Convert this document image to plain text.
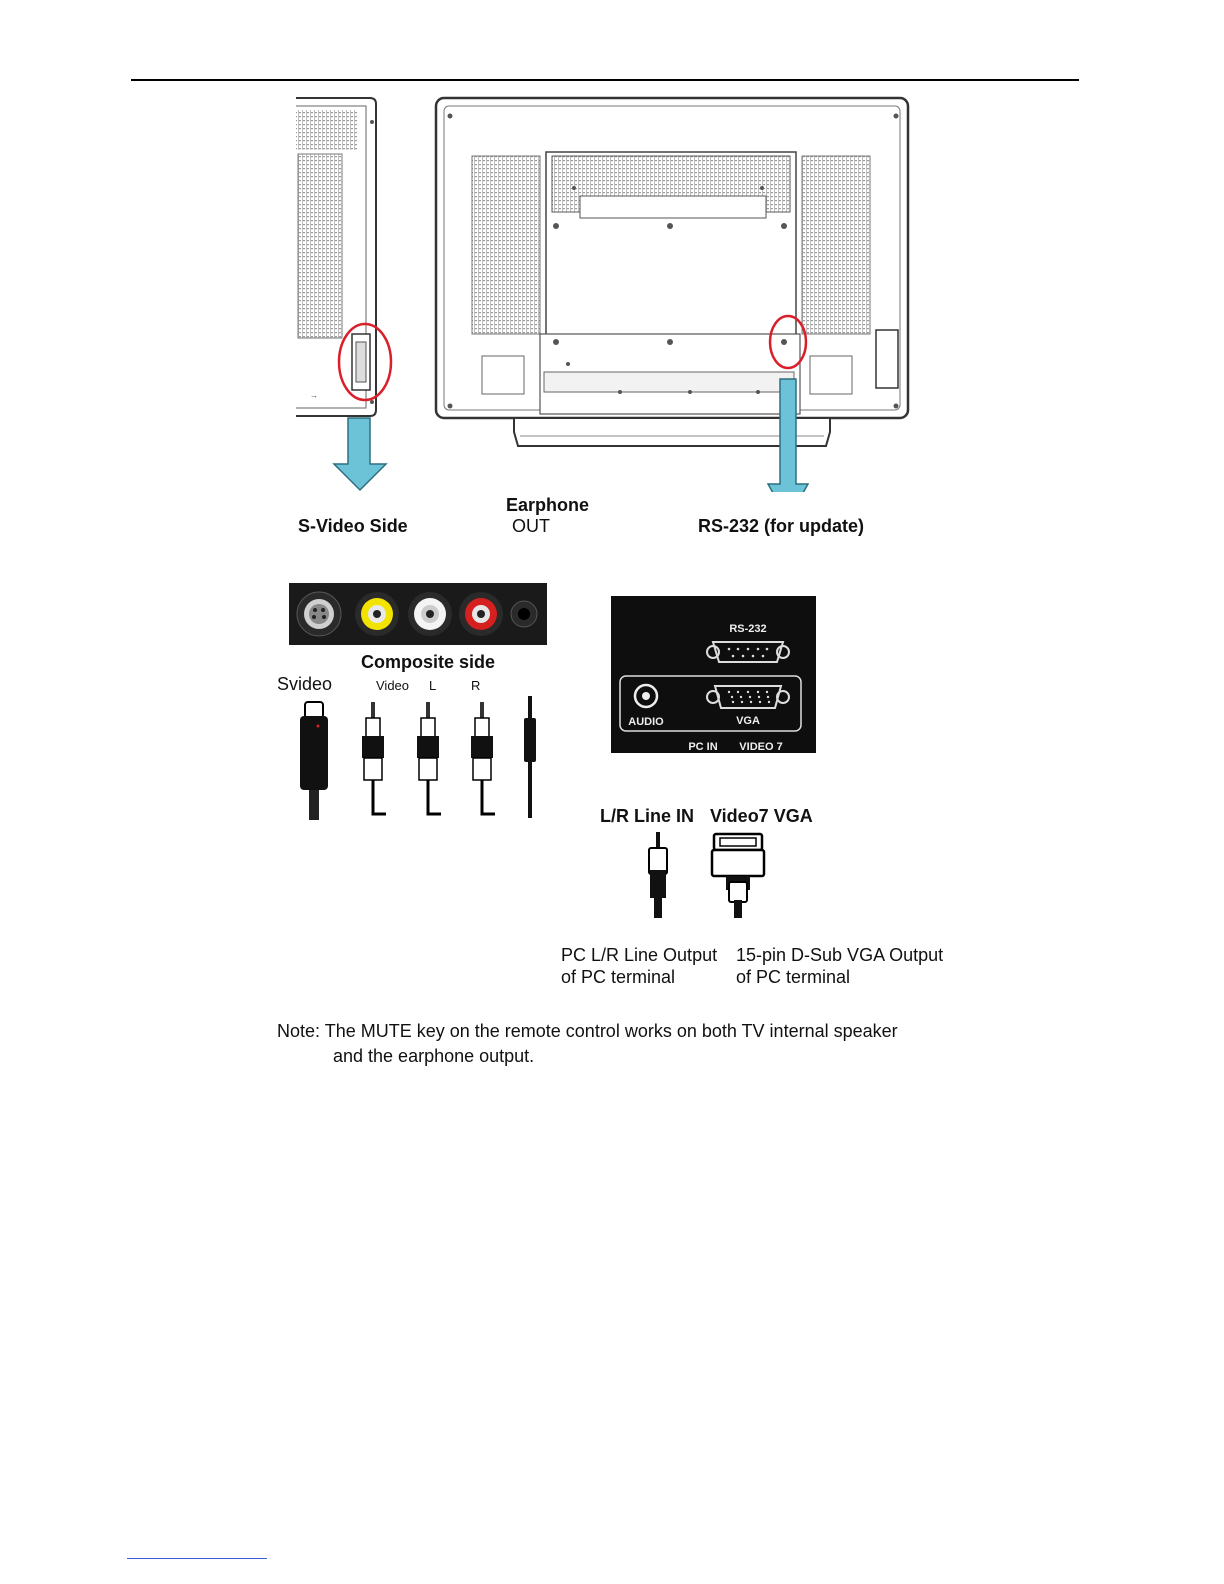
→
S-Video Side
Earphone
OUT	RS-232 (for update)
Composite side
Svideo	Video L	R
RS-232
AUDIO	VGA
PC IN VIDEO 7
L/R Line IN Video7 VGA
PC L/R Line Output
of PC terminal
15-pin D-Sub VGA Output
of PC terminal
Note: The MUTE key on the remote control works on both TV internal speaker
and the earphone output.
